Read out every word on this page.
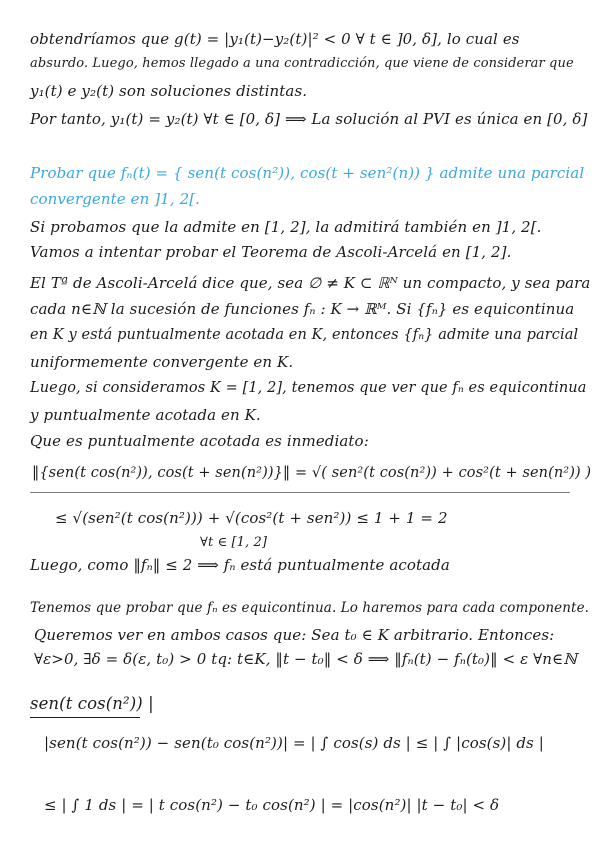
obtendríamos que g(t) = |y₁(t)−y₂(t)|² < 0 ∀ t ∈ ]0, δ], lo cual es
absurdo. Luego, hemos llegado a una contradicción, que viene de considerar que
y₁(t) e y₂(t) son soluciones distintas.
Por tanto, y₁(t) = y₂(t) ∀t ∈ [0, δ] ⟹ La solución al PVI es única en [0, δ]
Probar que fₙ(t) = { sen(t cos(n²)), cos(t + sen²(n)) } admite una parcial
convergente en ]1, 2[.
Si probamos que la admite en [1, 2], la admitirá también en ]1, 2[.
Vamos a intentar probar el Teorema de Ascoli-Arcelá en [1, 2].
El Tª de Ascoli-Arcelá dice que, sea ∅ ≠ K ⊂ ℝᴺ un compacto, y sea para
cada n∈ℕ la sucesión de funciones fₙ : K → ℝᴹ. Si {fₙ} es equicontinua
en K y está puntualmente acotada en K, entonces {fₙ} admite una parcial
uniformemente convergente en K.
Luego, si consideramos K = [1, 2], tenemos que ver que fₙ es equicontinua
y puntualmente acotada en K.
Que es puntualmente acotada es inmediato:
‖{sen(t cos(n²)), cos(t + sen(n²))}‖ = √( sen²(t cos(n²)) + cos²(t + sen(n²)) )
≤ √(sen²(t cos(n²))) + √(cos²(t + sen²)) ≤ 1 + 1 = 2
∀t ∈ [1, 2]
Luego, como ‖fₙ‖ ≤ 2 ⟹ fₙ está puntualmente acotada
Tenemos que probar que fₙ es equicontinua. Lo haremos para cada componente.
Queremos ver en ambos casos que: Sea t₀ ∈ K arbitrario. Entonces:
∀ε>0, ∃δ = δ(ε, t₀) > 0 tq: t∈K, ‖t − t₀‖ < δ ⟹ ‖fₙ(t) − fₙ(t₀)‖ < ε ∀n∈ℕ
sen(t cos(n²)) |
|sen(t cos(n²)) − sen(t₀ cos(n²))| = | ∫ cos(s) ds | ≤ | ∫ |cos(s)| ds |
≤ | ∫ 1 ds | = | t cos(n²) − t₀ cos(n²) | = |cos(n²)| |t − t₀| < δ
